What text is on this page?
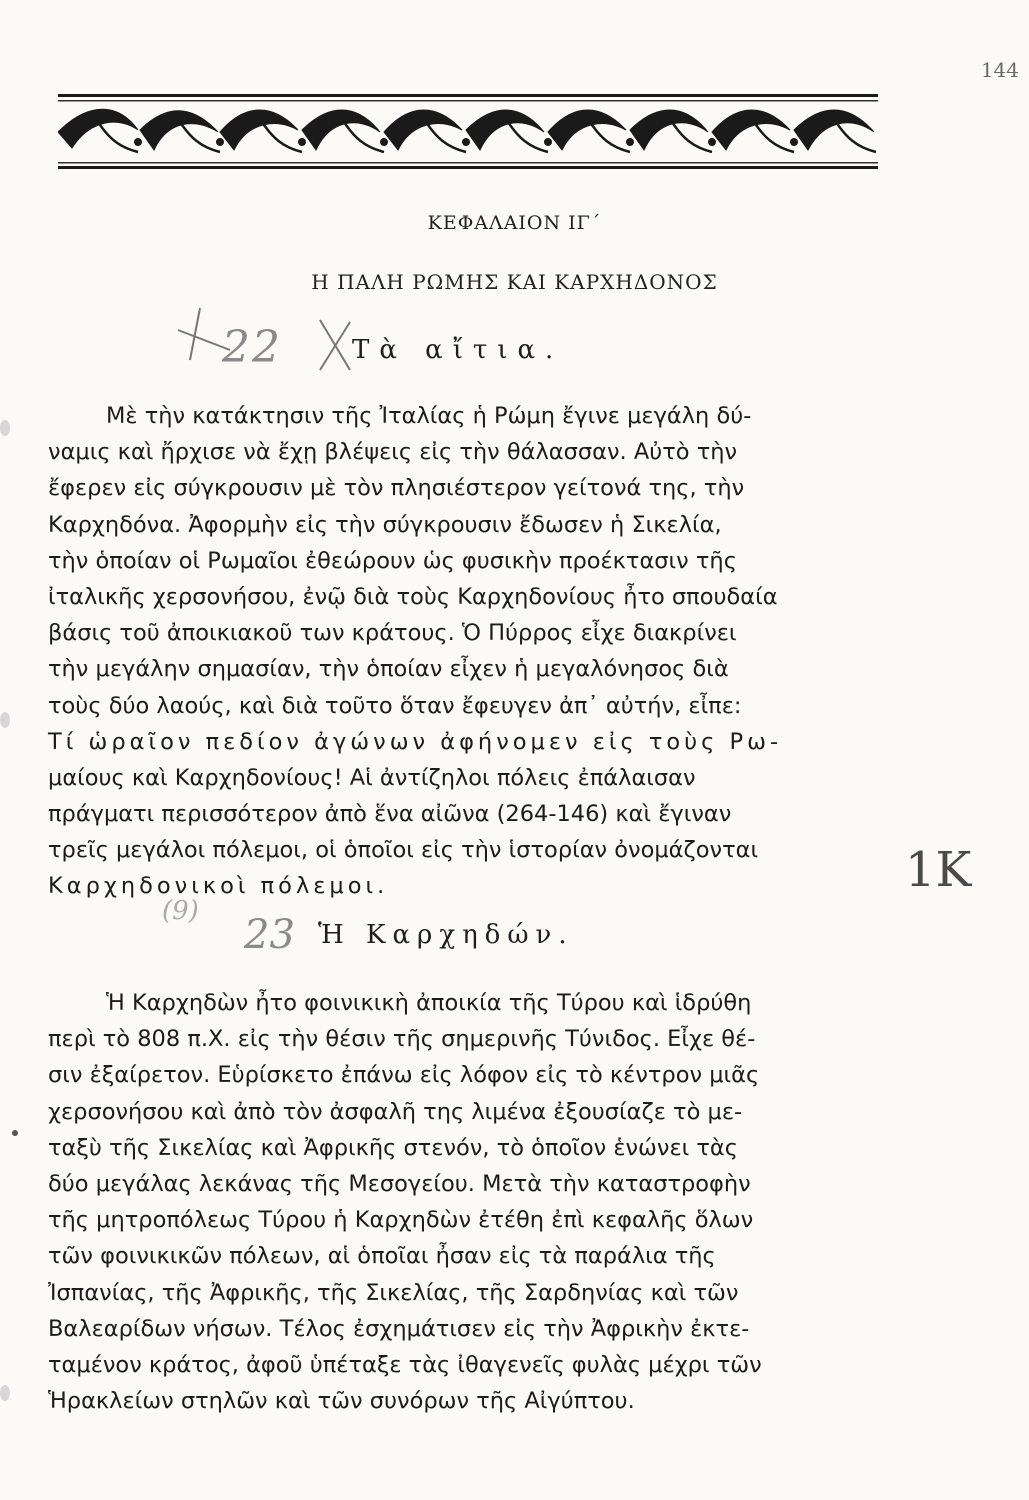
144
ΚΕΦΑΛΑΙΟΝ ΙΓ΄
Η ΠΑΛΗ ΡΩΜΗΣ ΚΑΙ ΚΑΡΧΗΔΟΝΟΣ
22	Τὰ αἴτια.
Μὲ τὴν κατάκτησιν τῆς Ἰταλίας ἡ Ρώμη ἔγινε μεγάλη δύ-
ναμις καὶ ἤρχισε νὰ ἔχῃ βλέψεις εἰς τὴν θάλασσαν. Αὐτὸ τὴν
ἔφερεν εἰς σύγκρουσιν μὲ τὸν πλησιέστερον γείτονά της, τὴν
Καρχηδόνα. Ἀφορμὴν εἰς τὴν σύγκρουσιν ἔδωσεν ἡ Σικελία,
τὴν ὁποίαν οἱ Ρωμαῖοι ἐθεώρουν ὡς φυσικὴν προέκτασιν τῆς
ἰταλικῆς χερσονήσου, ἐνῷ διὰ τοὺς Καρχηδονίους ἦτο σπουδαία
βάσις τοῦ ἀποικιακοῦ των κράτους. Ὁ Πύρρος εἶχε διακρίνει
τὴν μεγάλην σημασίαν, τὴν ὁποίαν εἶχεν ἡ μεγαλόνησος διὰ
τοὺς δύο λαούς, καὶ διὰ τοῦτο ὅταν ἔφευγεν ἀπ᾽ αὐτήν, εἶπε:
Τί ὡραῖον πεδίον ἀγώνων ἀφήνομεν εἰς τοὺς Ρω-
μαίους καὶ Καρχηδονίους! Αἱ ἀντίζηλοι πόλεις ἐπάλαισαν
πράγματι περισσότερον ἀπὸ ἕνα αἰῶνα (264-146) καὶ ἔγιναν
τρεῖς μεγάλοι πόλεμοι, οἱ ὁποῖοι εἰς τὴν ἱστορίαν ὀνομάζονται
Καρχηδονικοὶ πόλεμοι.	1Κ
(9)
23 Ἡ Καρχηδών.
Ἡ Καρχηδὼν ἦτο φοινικικὴ ἀποικία τῆς Τύρου καὶ ἱδρύθη
περὶ τὸ 808 π.Χ. εἰς τὴν θέσιν τῆς σημερινῆς Τύνιδος. Εἶχε θέ-
σιν ἐξαίρετον. Εὑρίσκετο ἐπάνω εἰς λόφον εἰς τὸ κέντρον μιᾶς
χερσονήσου καὶ ἀπὸ τὸν ἀσφαλῆ της λιμένα ἐξουσίαζε τὸ με-
ταξὺ τῆς Σικελίας καὶ Ἀφρικῆς στενόν, τὸ ὁποῖον ἑνώνει τὰς
δύο μεγάλας λεκάνας τῆς Μεσογείου. Μετὰ τὴν καταστροφὴν
τῆς μητροπόλεως Τύρου ἡ Καρχηδὼν ἐτέθη ἐπὶ κεφαλῆς ὅλων
τῶν φοινικικῶν πόλεων, αἱ ὁποῖαι ἦσαν εἰς τὰ παράλια τῆς
Ἰσπανίας, τῆς Ἀφρικῆς, τῆς Σικελίας, τῆς Σαρδηνίας καὶ τῶν
Βαλεαρίδων νήσων. Τέλος ἐσχημάτισεν εἰς τὴν Ἀφρικὴν ἐκτε-
ταμένον κράτος, ἀφοῦ ὑπέταξε τὰς ἰθαγενεῖς φυλὰς μέχρι τῶν
Ἡρακλείων στηλῶν καὶ τῶν συνόρων τῆς Αἰγύπτου.
